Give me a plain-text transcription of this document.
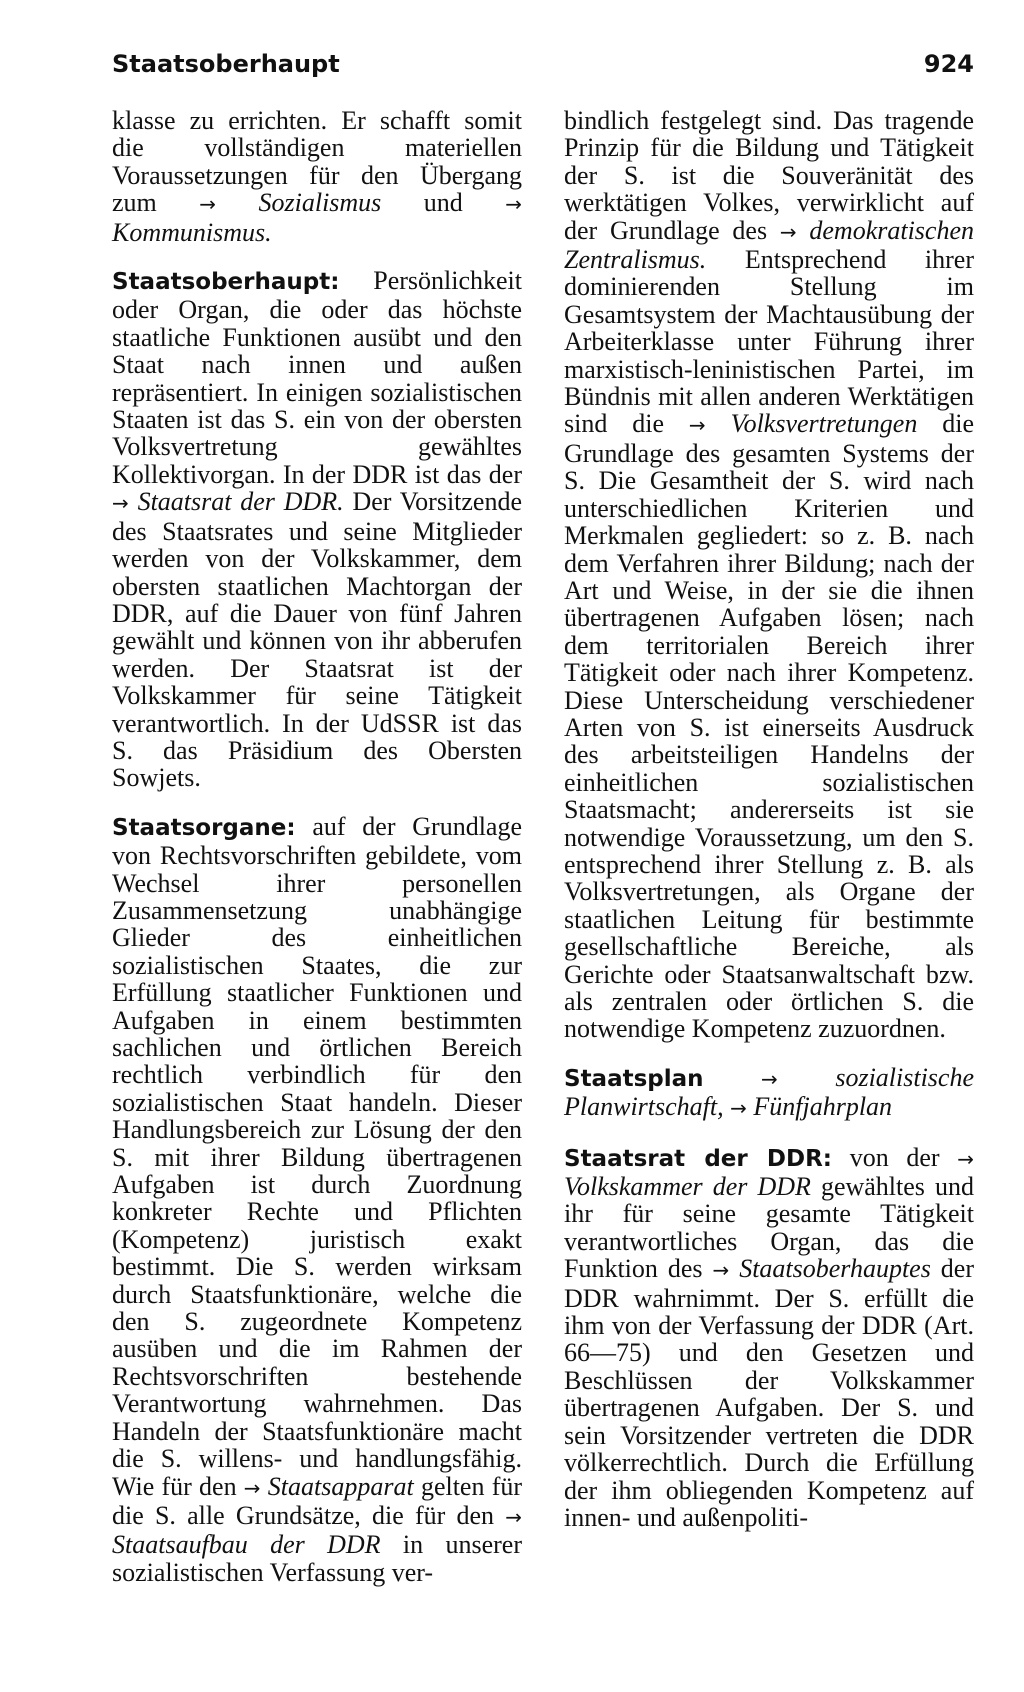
Staatsoberhaupt	924

klasse zu errichten. Er schafft somit die vollständigen materiellen Voraussetzungen für den Übergang zum → Sozialismus und → Kommunismus.

Staatsoberhaupt: Persönlichkeit oder Organ, die oder das höchste staatliche Funktionen ausübt und den Staat nach innen und außen repräsentiert. In einigen sozialistischen Staaten ist das S. ein von der obersten Volksvertretung gewähltes Kollektivorgan. In der DDR ist das der → Staatsrat der DDR. Der Vorsitzende des Staatsrates und seine Mitglieder werden von der Volkskammer, dem obersten staatlichen Machtorgan der DDR, auf die Dauer von fünf Jahren gewählt und können von ihr abberufen werden. Der Staatsrat ist der Volkskammer für seine Tätigkeit verantwortlich. In der UdSSR ist das S. das Präsidium des Obersten Sowjets.

Staatsorgane: auf der Grundlage von Rechtsvorschriften gebildete, vom Wechsel ihrer personellen Zusammensetzung unabhängige Glieder des einheitlichen sozialistischen Staates, die zur Erfüllung staatlicher Funktionen und Aufgaben in einem bestimmten sachlichen und örtlichen Bereich rechtlich verbindlich für den sozialistischen Staat handeln. Dieser Handlungsbereich zur Lösung der den S. mit ihrer Bildung übertragenen Aufgaben ist durch Zuordnung konkreter Rechte und Pflichten (Kompetenz) juristisch exakt bestimmt. Die S. werden wirksam durch Staatsfunktionäre, welche die den S. zugeordnete Kompetenz ausüben und die im Rahmen der Rechtsvorschriften bestehende Verantwortung wahrnehmen. Das Handeln der Staatsfunktionäre macht die S. willens- und handlungsfähig. Wie für den → Staatsapparat gelten für die S. alle Grundsätze, die für den → Staatsaufbau der DDR in unserer sozialistischen Verfassung ver-

bindlich festgelegt sind. Das tragende Prinzip für die Bildung und Tätigkeit der S. ist die Souveränität des werktätigen Volkes, verwirklicht auf der Grundlage des → demokratischen Zentralismus. Entsprechend ihrer dominierenden Stellung im Gesamtsystem der Machtausübung der Arbeiterklasse unter Führung ihrer marxistisch-leninistischen Partei, im Bündnis mit allen anderen Werktätigen sind die → Volksvertretungen die Grundlage des gesamten Systems der S. Die Gesamtheit der S. wird nach unterschiedlichen Kriterien und Merkmalen gegliedert: so z. B. nach dem Verfahren ihrer Bildung; nach der Art und Weise, in der sie die ihnen übertragenen Aufgaben lösen; nach dem territorialen Bereich ihrer Tätigkeit oder nach ihrer Kompetenz. Diese Unterscheidung verschiedener Arten von S. ist einerseits Ausdruck des arbeitsteiligen Handelns der einheitlichen sozialistischen Staatsmacht; andererseits ist sie notwendige Voraussetzung, um den S. entsprechend ihrer Stellung z. B. als Volksvertretungen, als Organe der staatlichen Leitung für bestimmte gesellschaftliche Bereiche, als Gerichte oder Staatsanwaltschaft bzw. als zentralen oder örtlichen S. die notwendige Kompetenz zuzuordnen.

Staatsplan	→ sozialistische Planwirtschaft, → Fünfjahrplan

Staatsrat der DDR: von der → Volkskammer der DDR gewähltes und ihr für seine gesamte Tätigkeit verantwortliches Organ, das die Funktion des → Staatsoberhauptes der DDR wahrnimmt. Der S. erfüllt die ihm von der Verfassung der DDR (Art. 66—75) und den Gesetzen und Beschlüssen der Volkskammer übertragenen Aufgaben. Der S. und sein Vorsitzender vertreten die DDR völkerrechtlich. Durch die Erfüllung der ihm obliegenden Kompetenz auf innen- und außenpoliti-
